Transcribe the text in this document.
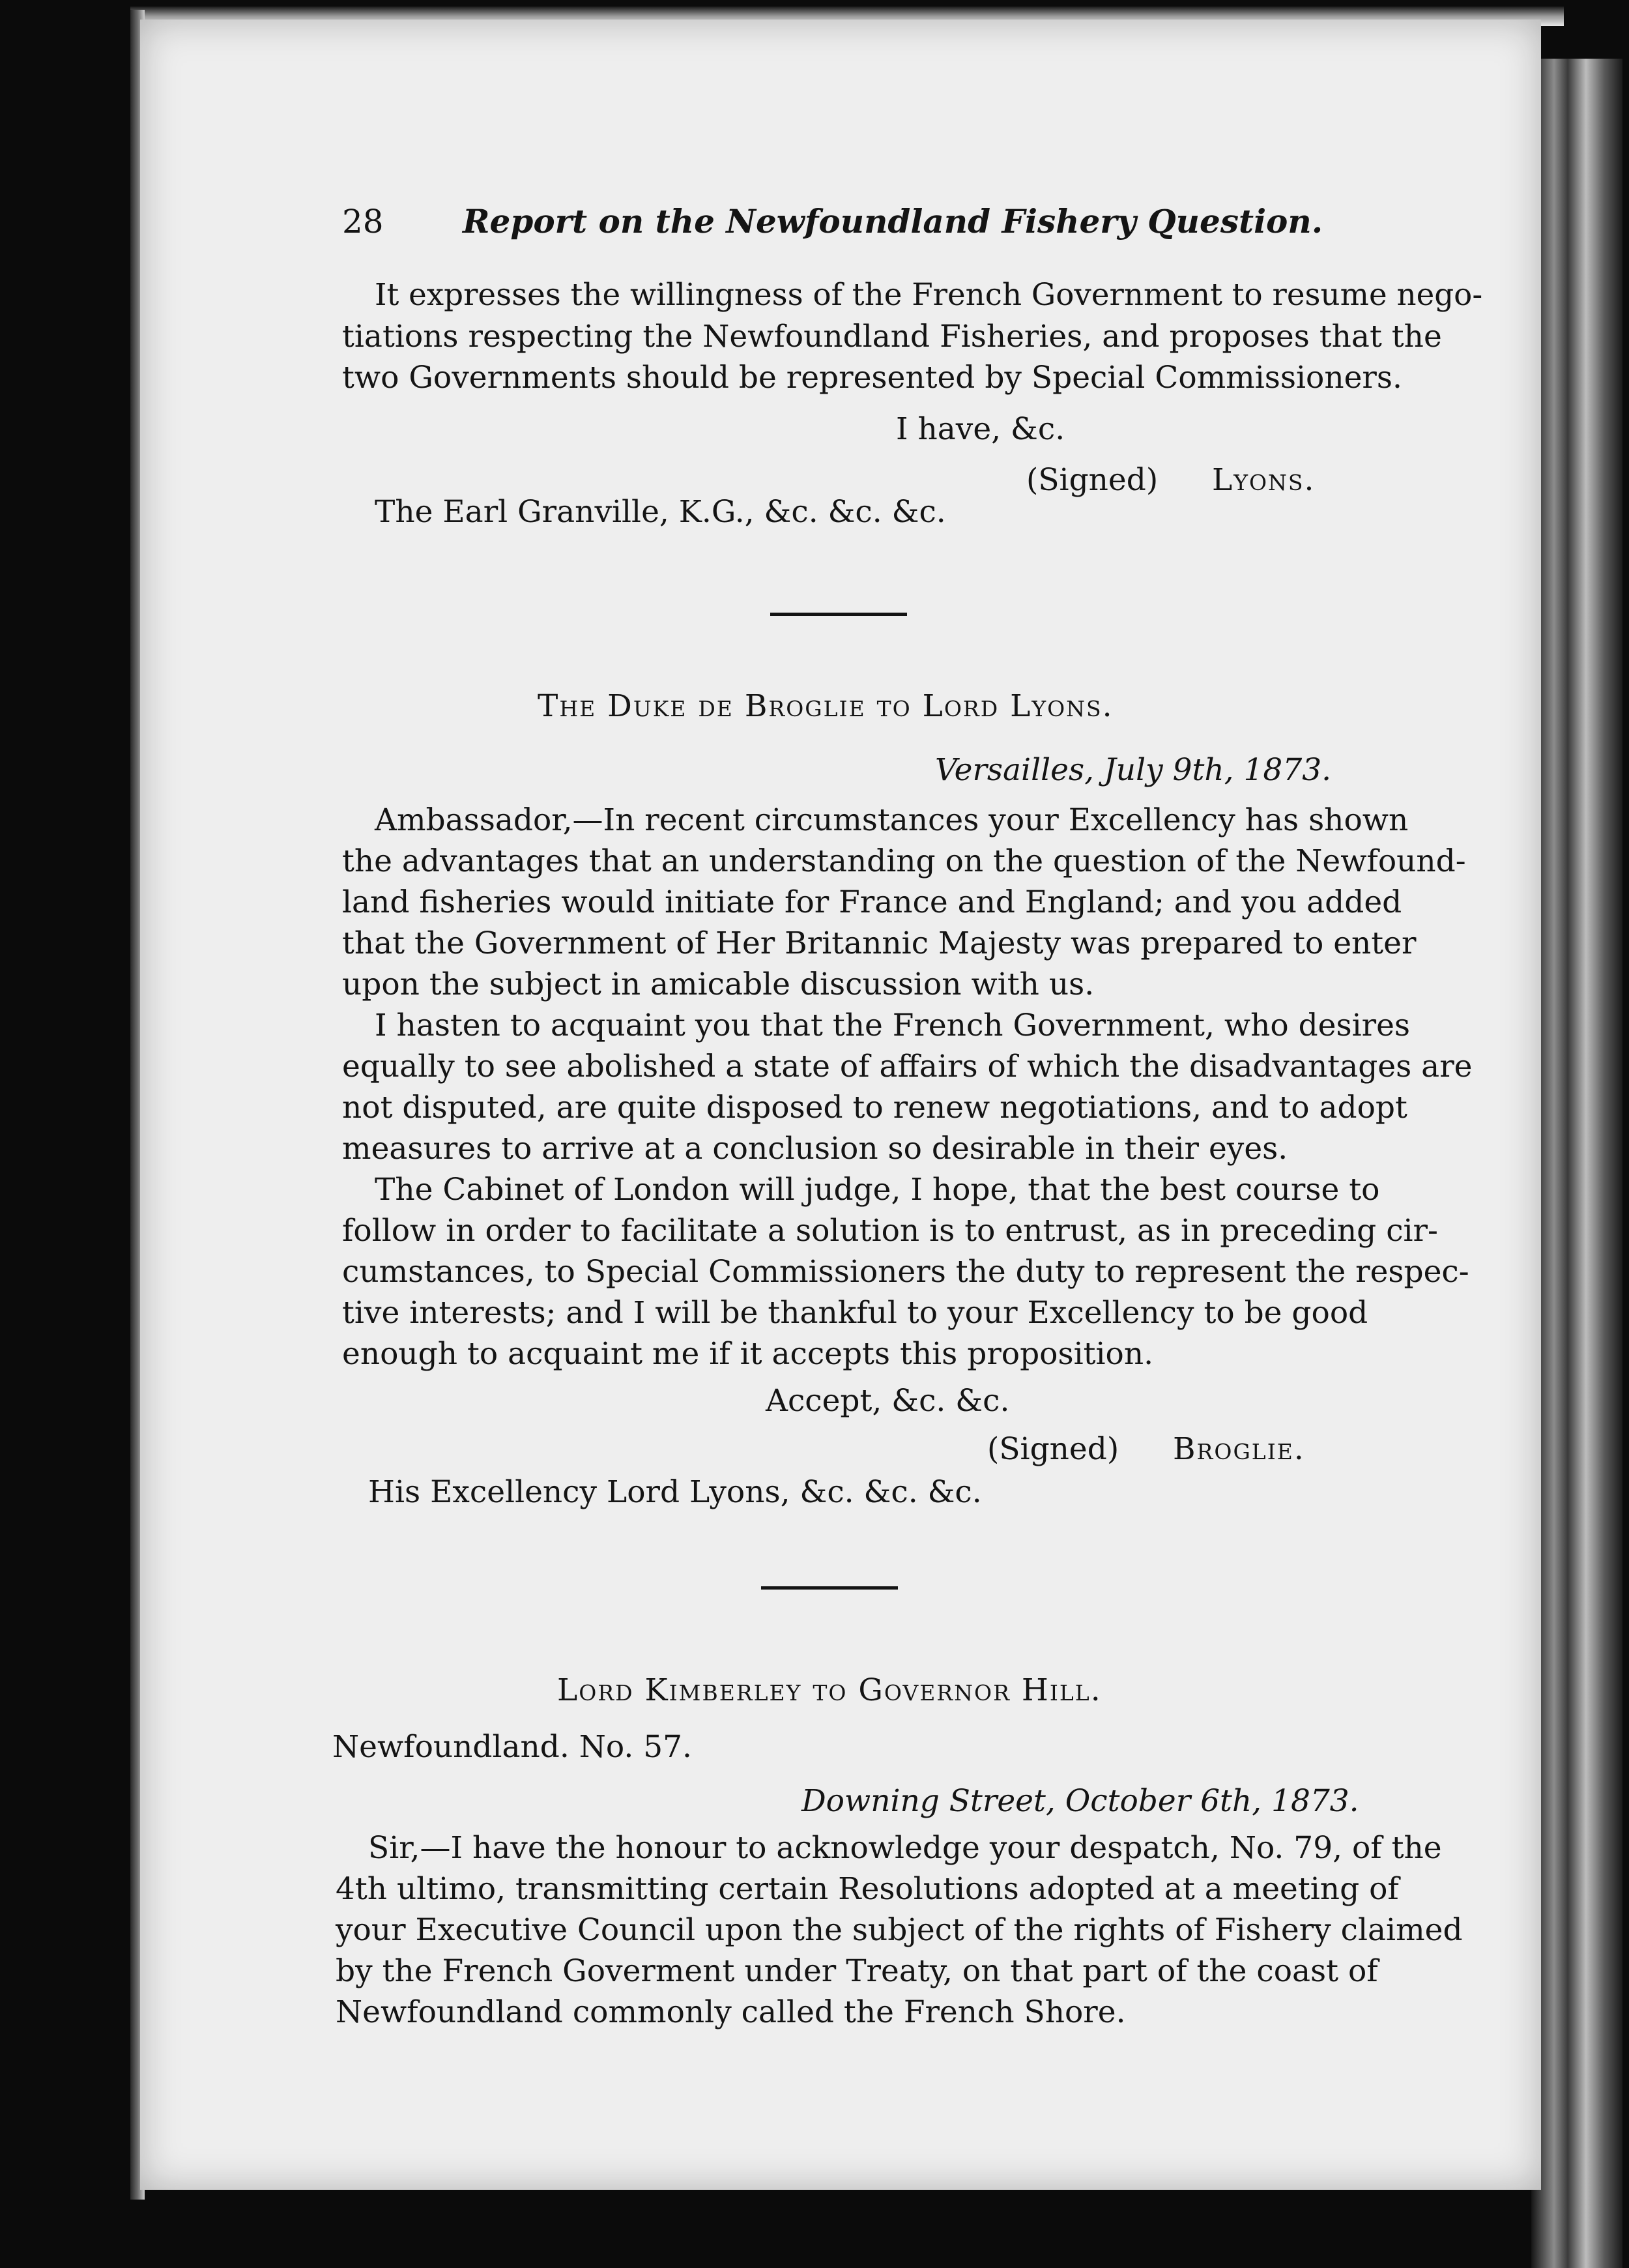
28 Report on the Newfoundland Fishery Question.
It expresses the willingness of the French Government to resume nego-
tiations respecting the Newfoundland Fisheries, and proposes that the
two Governments should be represented by Special Commissioners.
I have, &c.
(Signed) Lyons.
The Earl Granville, K.G., &c. &c. &c.
The Duke de Broglie to Lord Lyons.
Versailles, July 9th, 1873.
Ambassador,—In recent circumstances your Excellency has shown
the advantages that an understanding on the question of the Newfound-
land fisheries would initiate for France and England; and you added
that the Government of Her Britannic Majesty was prepared to enter
upon the subject in amicable discussion with us.
I hasten to acquaint you that the French Government, who desires
equally to see abolished a state of affairs of which the disadvantages are
not disputed, are quite disposed to renew negotiations, and to adopt
measures to arrive at a conclusion so desirable in their eyes.
The Cabinet of London will judge, I hope, that the best course to
follow in order to facilitate a solution is to entrust, as in preceding cir-
cumstances, to Special Commissioners the duty to represent the respec-
tive interests; and I will be thankful to your Excellency to be good
enough to acquaint me if it accepts this proposition.
Accept, &c. &c.
(Signed) Broglie.
His Excellency Lord Lyons, &c. &c. &c.
Lord Kimberley to Governor Hill.
Newfoundland. No. 57.
Downing Street, October 6th, 1873.
Sir,—I have the honour to acknowledge your despatch, No. 79, of the
4th ultimo, transmitting certain Resolutions adopted at a meeting of
your Executive Council upon the subject of the rights of Fishery claimed
by the French Goverment under Treaty, on that part of the coast of
Newfoundland commonly called the French Shore.
